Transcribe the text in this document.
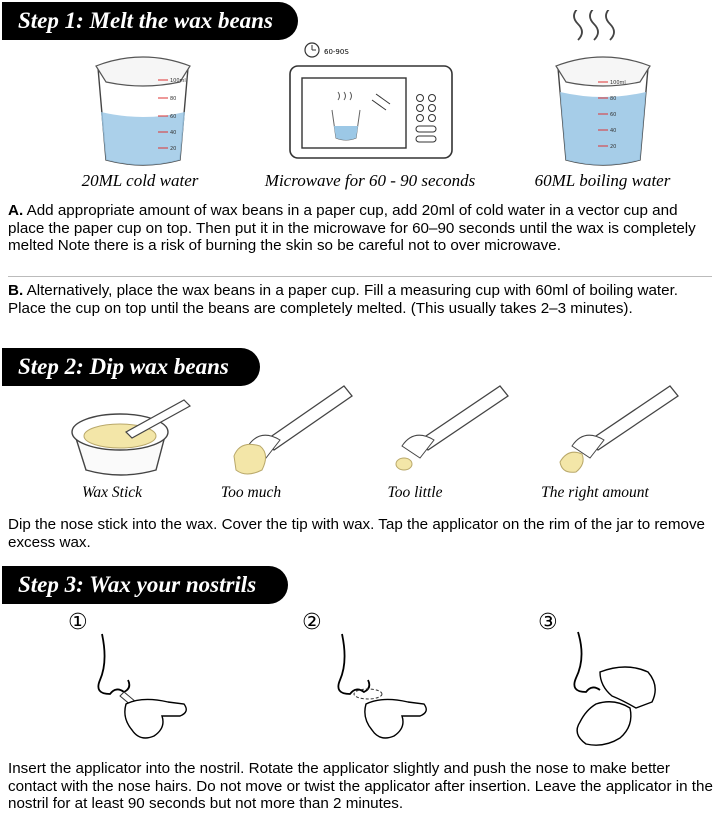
Step 1: Melt the wax beans
100ml
80
60
40
20
60-90S
100ml
80
60
40
20
20ML cold water	Microwave for 60 - 90 seconds	60ML boiling water

A. Add appropriate amount of wax beans in a paper cup, add 20ml of cold water in a vector cup and place the paper cup on top. Then put it in the microwave for 60–90 seconds until the wax is completely melted Note there is a risk of burning the skin so be careful not to over microwave.

B. Alternatively, place the wax beans in a paper cup. Fill a measuring cup with 60ml of boiling water. Place the cup on top until the beans are completely melted. (This usually takes 2–3 minutes).

Step 2: Dip wax beans
Wax Stick	Too much	Too little	The right amount

Dip the nose stick into the wax. Cover the tip with wax. Tap the applicator on the rim of the jar to remove excess wax.

Step 3: Wax your nostrils
①	②	③

Insert the applicator into the nostril. Rotate the applicator slightly and push the nose to make better contact with the nose hairs. Do not move or twist the applicator after insertion. Leave the applicator in the nostril for at least 90 seconds but not more than 2 minutes.
